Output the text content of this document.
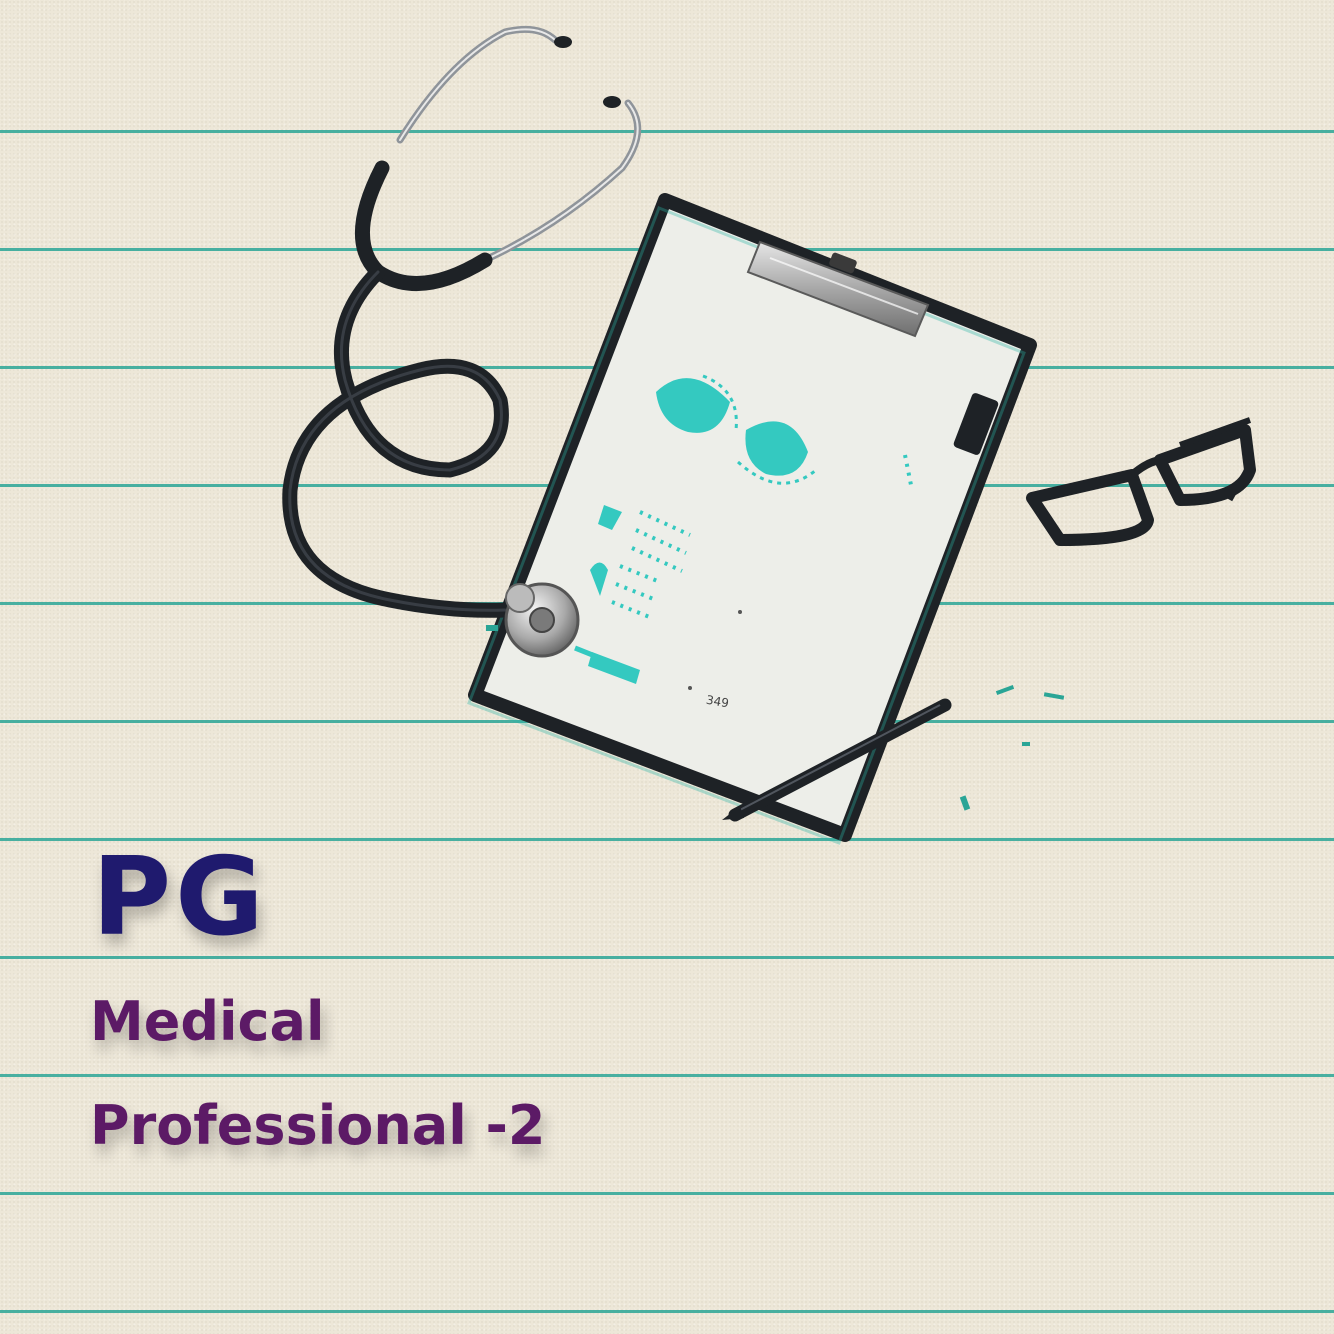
349
PG

Medical

Professional -2
